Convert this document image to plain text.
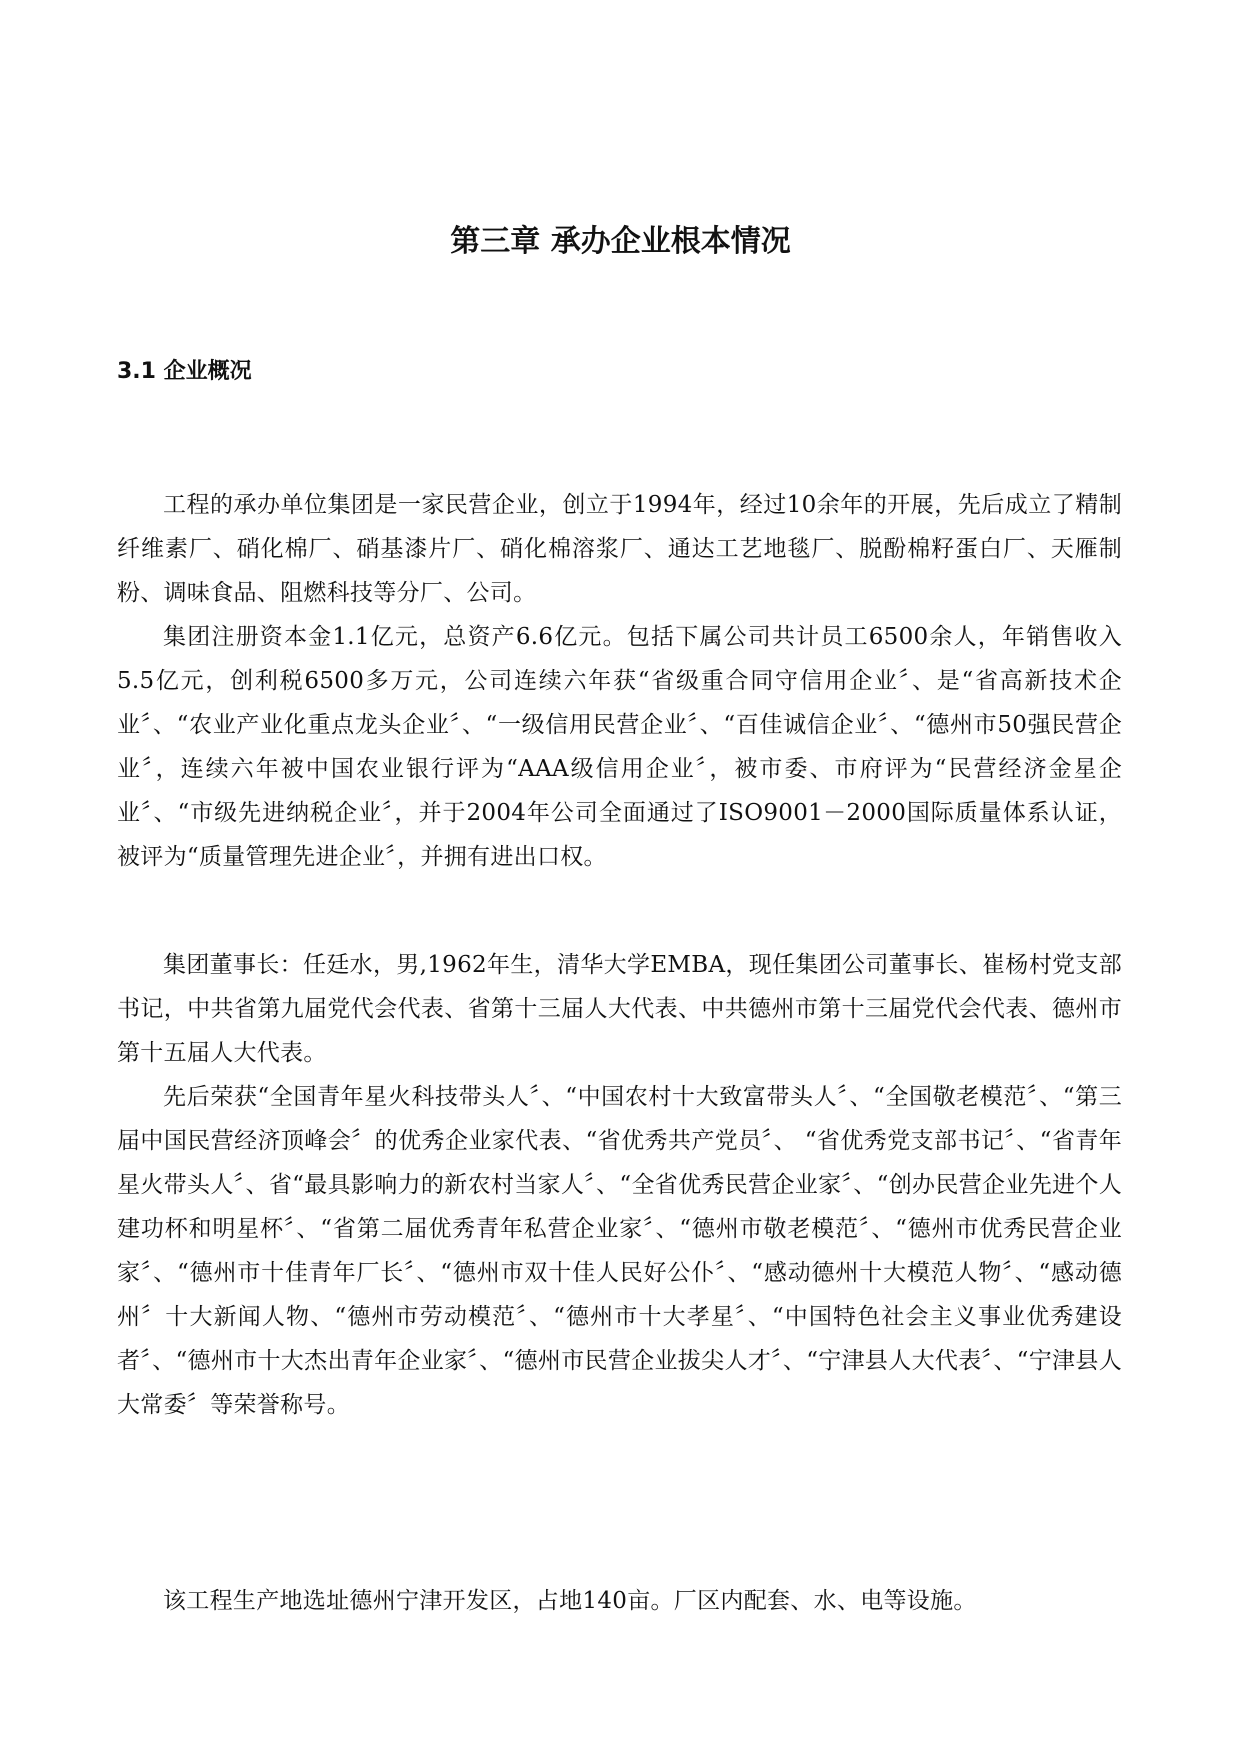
第三章 承办企业根本情况
3.1 企业概况

工程的承办单位集团是一家民营企业，创立于1994年，经过10余年的开展，先后成立了精制纤维素厂、硝化棉厂、硝基漆片厂、硝化棉溶浆厂、通达工艺地毯厂、脱酚棉籽蛋白厂、天雁制粉、调味食品、阻燃科技等分厂、公司。

集团注册资本金1.1亿元，总资产6.6亿元。包括下属公司共计员工6500余人，年销售收入5.5亿元，创利税6500多万元，公司连续六年获“省级重合同守信用企业〞、是“省高新技术企业〞、“农业产业化重点龙头企业〞、“一级信用民营企业〞、“百佳诚信企业〞、“德州市50强民营企业〞，连续六年被中国农业银行评为“AAA级信用企业〞，被市委、市府评为“民营经济金星企业〞、“市级先进纳税企业〞，并于2004年公司全面通过了ISO9001－2000国际质量体系认证，被评为“质量管理先进企业〞，并拥有进出口权。

集团董事长：任廷水，男,1962年生，清华大学EMBA，现任集团公司董事长、崔杨村党支部书记，中共省第九届党代会代表、省第十三届人大代表、中共德州市第十三届党代会代表、德州市第十五届人大代表。

先后荣获“全国青年星火科技带头人〞、“中国农村十大致富带头人〞、“全国敬老模范〞、“第三届中国民营经济顶峰会〞的优秀企业家代表、“省优秀共产党员〞、 “省优秀党支部书记〞、“省青年星火带头人〞、省“最具影响力的新农村当家人〞、“全省优秀民营企业家〞、“创办民营企业先进个人建功杯和明星杯〞、“省第二届优秀青年私营企业家〞、“德州市敬老模范〞、“德州市优秀民营企业家〞、“德州市十佳青年厂长〞、“德州市双十佳人民好公仆〞、“感动德州十大模范人物〞、“感动德州〞十大新闻人物、“德州市劳动模范〞、“德州市十大孝星〞、“中国特色社会主义事业优秀建设者〞、“德州市十大杰出青年企业家〞、“德州市民营企业拔尖人才〞、“宁津县人大代表〞、“宁津县人大常委〞等荣誉称号。

该工程生产地选址德州宁津开发区，占地140亩。厂区内配套、水、电等设施。
